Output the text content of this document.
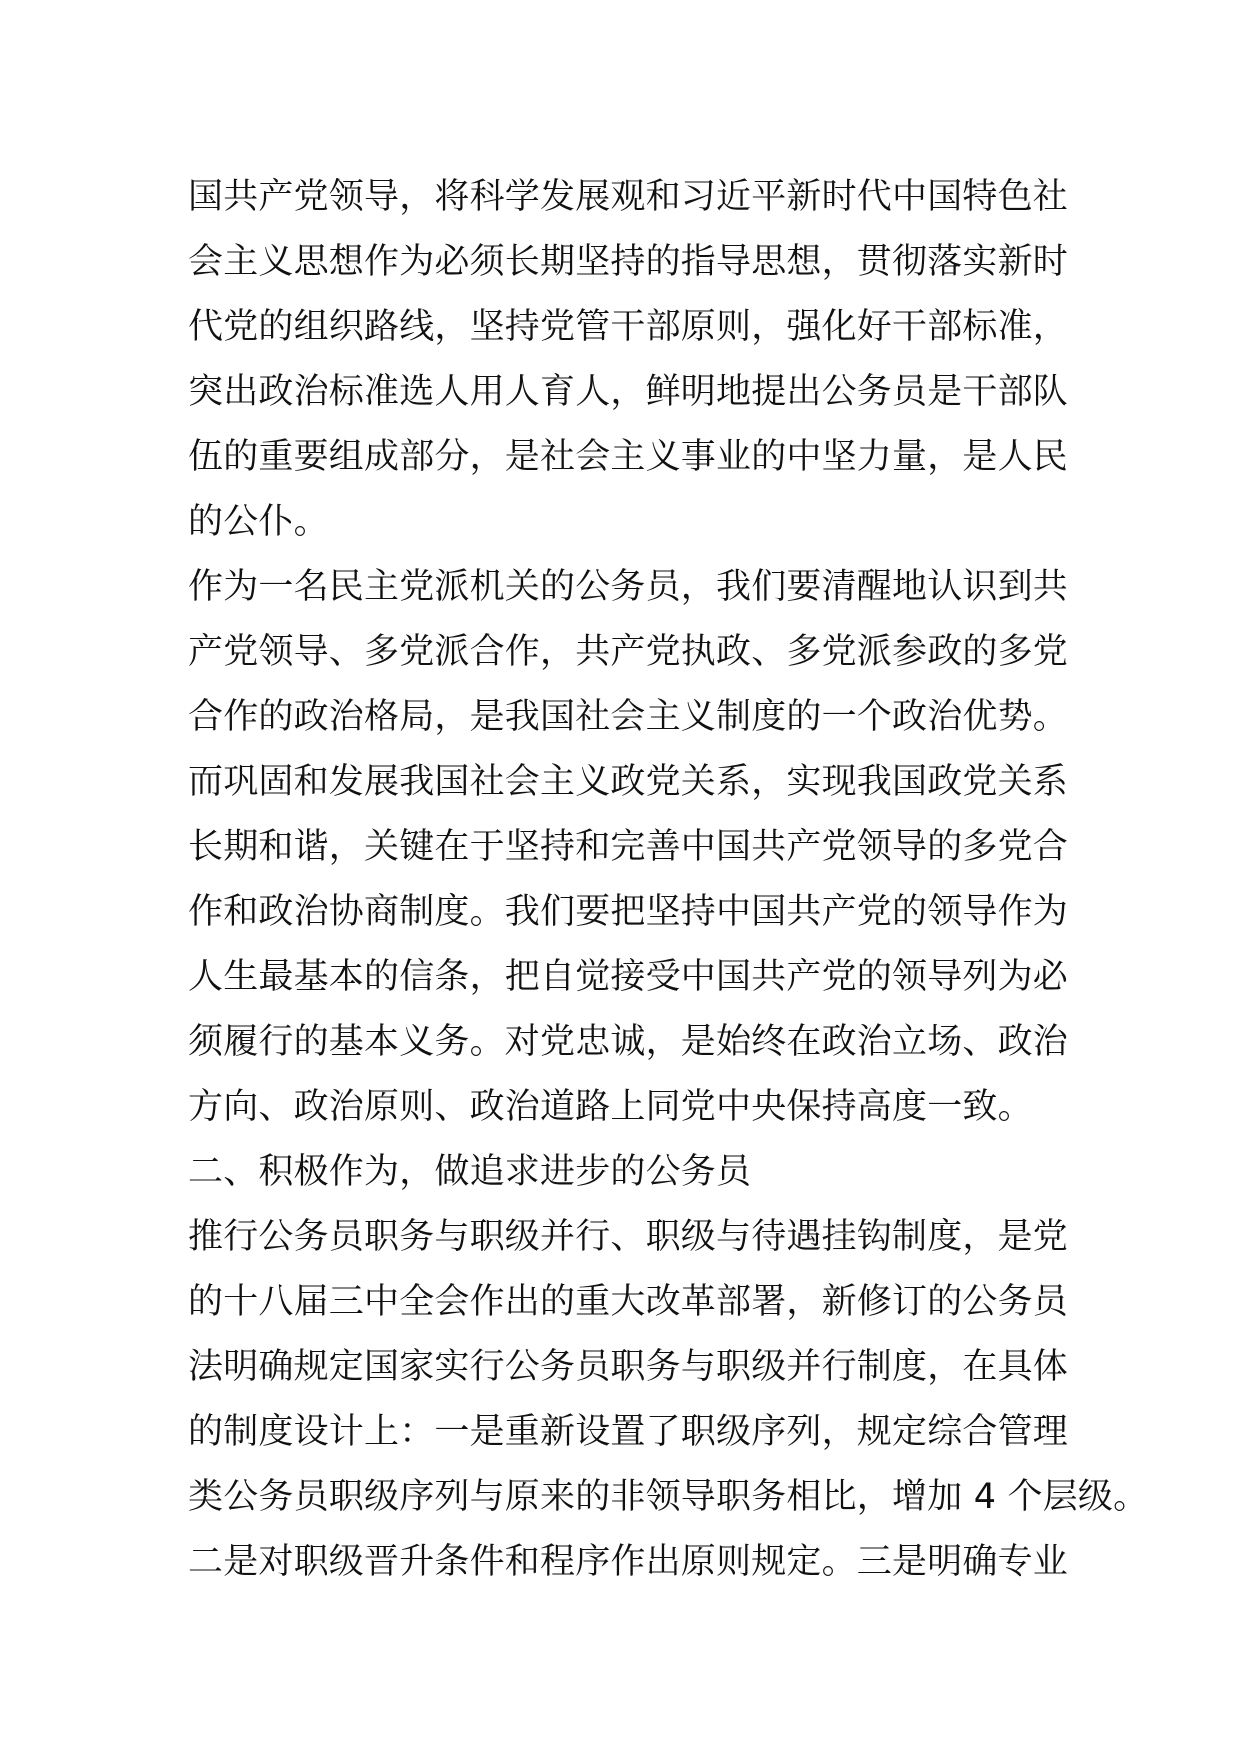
国共产党领导，将科学发展观和习近平新时代中国特色社
会主义思想作为必须长期坚持的指导思想，贯彻落实新时
代党的组织路线，坚持党管干部原则，强化好干部标准，
突出政治标准选人用人育人，鲜明地提出公务员是干部队
伍的重要组成部分，是社会主义事业的中坚力量，是人民
的公仆。
作为一名民主党派机关的公务员，我们要清醒地认识到共
产党领导、多党派合作，共产党执政、多党派参政的多党
合作的政治格局，是我国社会主义制度的一个政治优势。
而巩固和发展我国社会主义政党关系，实现我国政党关系
长期和谐，关键在于坚持和完善中国共产党领导的多党合
作和政治协商制度。我们要把坚持中国共产党的领导作为
人生最基本的信条，把自觉接受中国共产党的领导列为必
须履行的基本义务。对党忠诚，是始终在政治立场、政治
方向、政治原则、政治道路上同党中央保持高度一致。
二、积极作为，做追求进步的公务员
推行公务员职务与职级并行、职级与待遇挂钩制度，是党
的十八届三中全会作出的重大改革部署，新修订的公务员
法明确规定国家实行公务员职务与职级并行制度，在具体
的制度设计上：一是重新设置了职级序列，规定综合管理
类公务员职级序列与原来的非领导职务相比，增加 4 个层级。
二是对职级晋升条件和程序作出原则规定。三是明确专业
